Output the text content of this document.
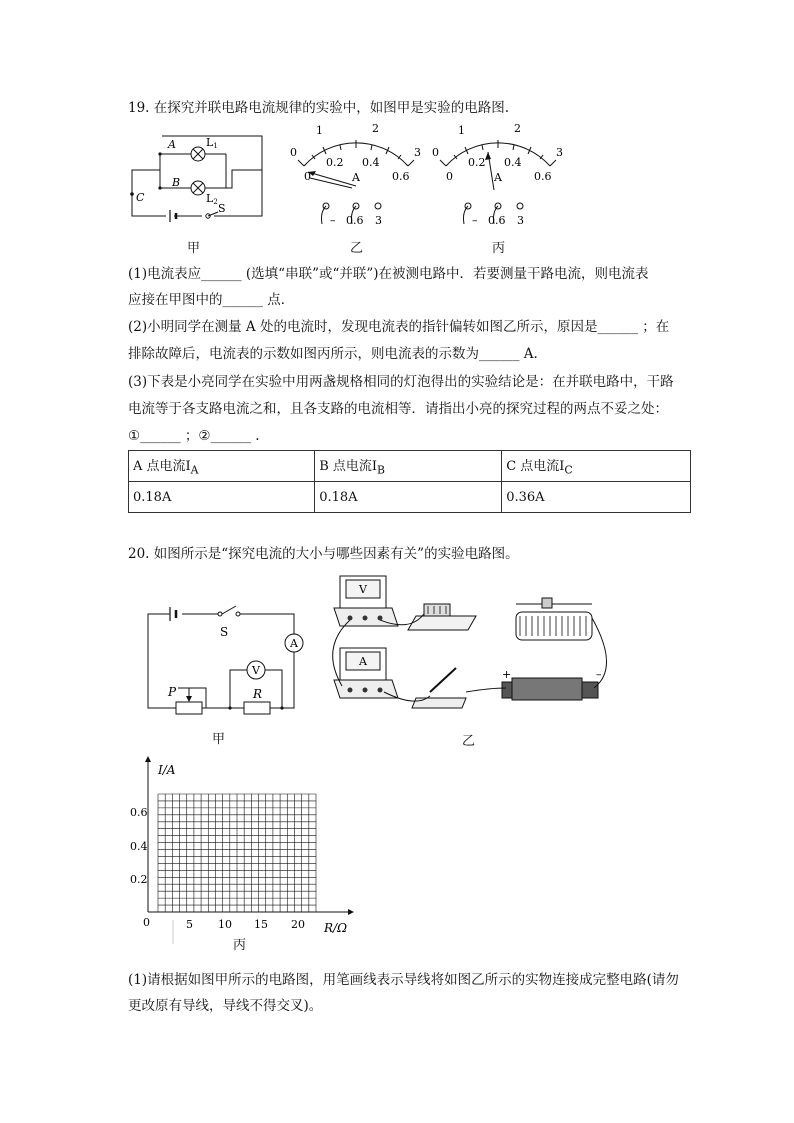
19. 在探究并联电路电流规律的实验中，如图甲是实验的电路图.
A
B
C
L1
L2 S
甲
0
1	2
3
0
0.2 0.4
0.6
A
– 0.6 3
乙
0
1	2
3
0
0.2 0.4
0.6
A
– 0.6 3
丙
(1)电流表应______ (选填“串联”或“并联”)在被测电路中．若要测量干路电流，则电流表
应接在甲图中的______ 点．
(2)小明同学在测量 A 处的电流时，发现电流表的指针偏转如图乙所示，原因是______ ；在
排除故障后，电流表的示数如图丙所示，则电流表的示数为______ A.
(3)下表是小亮同学在实验中用两盏规格相同的灯泡得出的实验结论是：在并联电路中，干路
电流等于各支路电流之和，且各支路的电流相等．请指出小亮的探究过程的两点不妥之处：
①______ ；②______ .
A 点电流$I_A$	B 点电流$I_B$	C 点电流$I_C$
0.18A	0.18A	0.36A
20. 如图所示是“探究电流的大小与哪些因素有关”的实验电路图。
S
A
V
P	R
甲
V
A
+	–
乙
I/A
R/Ω
0.6
0.4
0.2
0	5 10 15 20
丙
(1)请根据如图甲所示的电路图，用笔画线表示导线将如图乙所示的实物连接成完整电路(请勿
更改原有导线，导线不得交叉)。
